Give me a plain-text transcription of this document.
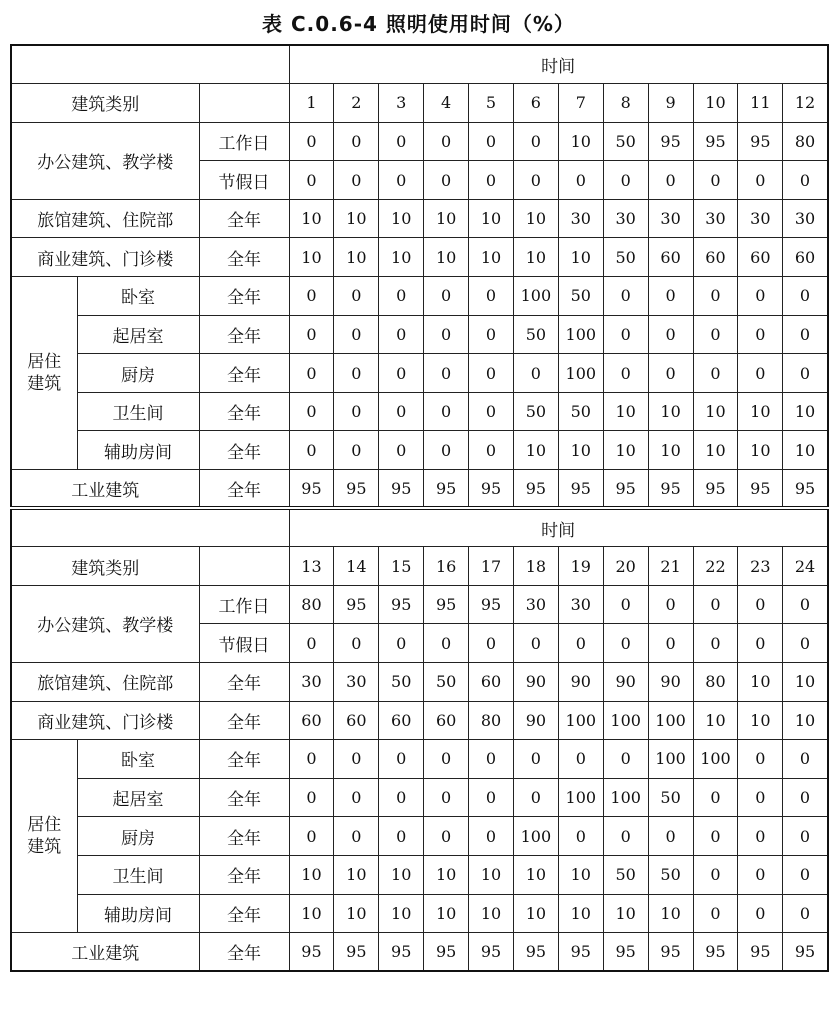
表 C.0.6-4 照明使用时间（%）
			时间											
建筑类别			1	2	3	4	5	6	7	8	9	10	11	12
办公建筑、教学楼		工作日	0	0	0	0	0	0	10	50	95	95	95	80
		节假日	0	0	0	0	0	0	0	0	0	0	0	0
旅馆建筑、住院部		全年	10	10	10	10	10	10	30	30	30	30	30	30
商业建筑、门诊楼		全年	10	10	10	10	10	10	10	50	60	60	60	60
居住建筑	卧室	全年	0	0	0	0	0	100	50	0	0	0	0	0
	起居室	全年	0	0	0	0	0	50	100	0	0	0	0	0
	厨房	全年	0	0	0	0	0	0	100	0	0	0	0	0
	卫生间	全年	0	0	0	0	0	50	50	10	10	10	10	10
	辅助房间	全年	0	0	0	0	0	10	10	10	10	10	10	10
工业建筑		全年	95	95	95	95	95	95	95	95	95	95	95	95
			时间											
建筑类别			13	14	15	16	17	18	19	20	21	22	23	24
办公建筑、教学楼		工作日	80	95	95	95	95	30	30	0	0	0	0	0
		节假日	0	0	0	0	0	0	0	0	0	0	0	0
旅馆建筑、住院部		全年	30	30	50	50	60	90	90	90	90	80	10	10
商业建筑、门诊楼		全年	60	60	60	60	80	90	100	100	100	10	10	10
居住建筑	卧室	全年	0	0	0	0	0	0	0	0	100	100	0	0
	起居室	全年	0	0	0	0	0	0	100	100	50	0	0	0
	厨房	全年	0	0	0	0	0	100	0	0	0	0	0	0
	卫生间	全年	10	10	10	10	10	10	10	50	50	0	0	0
	辅助房间	全年	10	10	10	10	10	10	10	10	10	0	0	0
工业建筑		全年	95	95	95	95	95	95	95	95	95	95	95	95
